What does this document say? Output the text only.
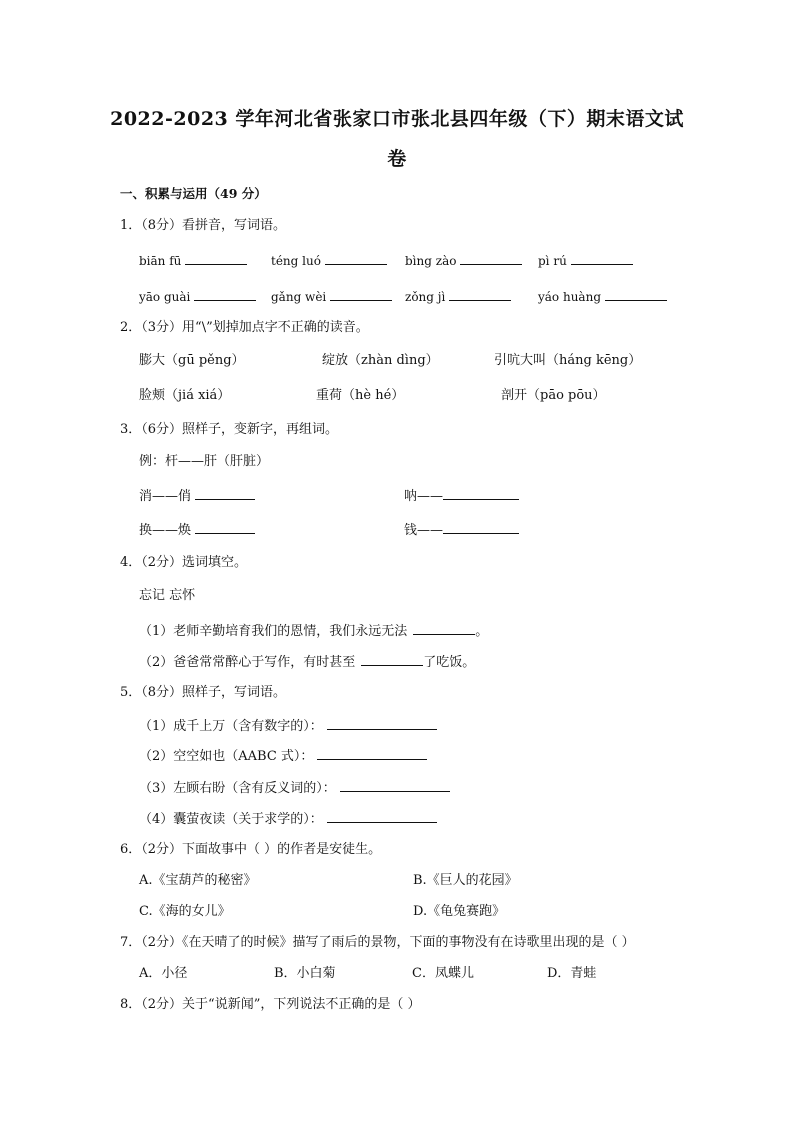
2022-2023 学年河北省张家口市张北县四年级（下）期末语文试
卷
一、积累与运用（49 分）
1．（8分）看拼音，写词语。
biān fū	téng luó	bìng zào	pì rú
yāo guài	gǎng wèi	zǒng jì	yáo huàng
2．（3分）用“\”划掉加点字不正确的读音。
膨大（gū pěng）	绽放（zhàn dìng）	引吭大叫（háng kēng）
脸颊（jiá xiá）	重荷（hè hé）	剖开（pāo pōu）
3．（6分）照样子，变新字，再组词。
例：杆——肝（肝脏）
消——俏	呐——
换——焕	钱——
4．（2分）选词填空。
忘记 忘怀
（1）老师辛勤培育我们的恩情，我们永远无法	。
（2）爸爸常常醉心于写作，有时甚至	了吃饭。
5．（8分）照样子，写词语。
（1）成千上万（含有数字的）：
（2）空空如也（AABC 式）：
（3）左顾右盼（含有反义词的）：
（4）囊萤夜读（关于求学的）：
6．（2分）下面故事中（ ）的作者是安徒生。
A.《宝葫芦的秘密》	B.《巨人的花园》
C.《海的女儿》	D.《龟兔赛跑》
7．（2分）《在天晴了的时候》描写了雨后的景物，下面的事物没有在诗歌里出现的是（ ）
A．小径	B．小白菊	C．凤蝶儿	D．青蛙
8．（2分）关于“说新闻”，下列说法不正确的是（ ）
